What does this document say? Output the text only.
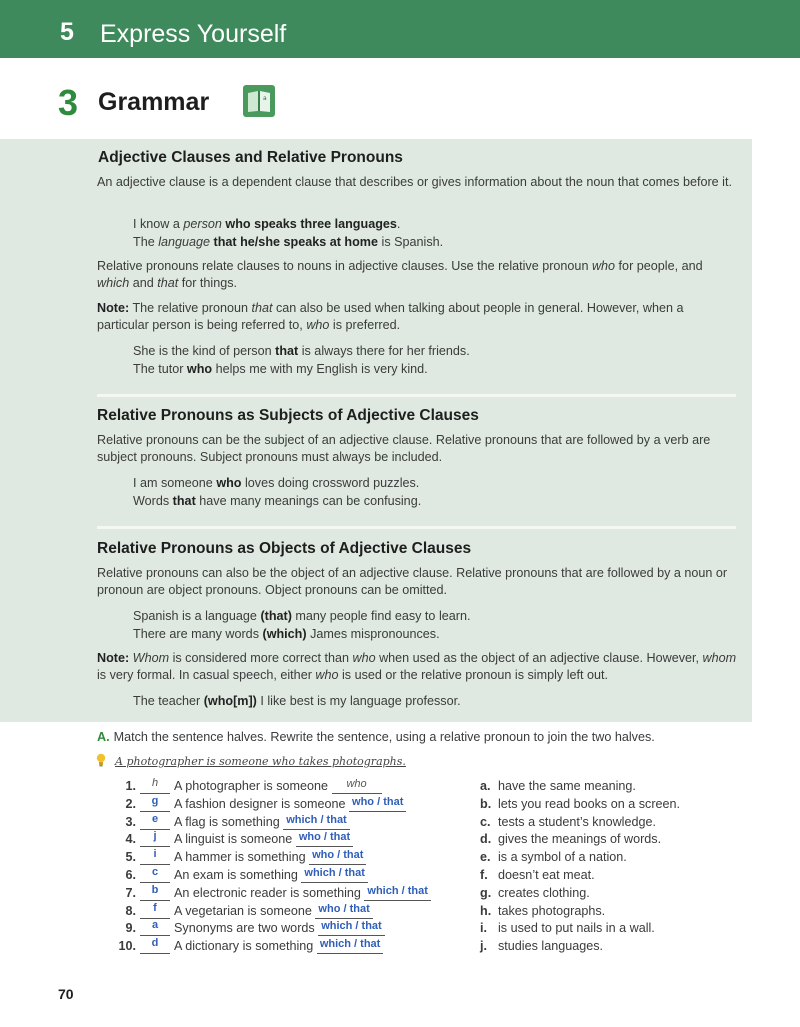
5 Express Yourself
3 Grammar	a
Adjective Clauses and Relative Pronouns
An adjective clause is a dependent clause that describes or gives information about the noun that comes before it.
I know a person who speaks three languages.
The language that he/she speaks at home is Spanish.
Relative pronouns relate clauses to nouns in adjective clauses. Use the relative pronoun who for people, and which and that for things.
Note: The relative pronoun that can also be used when talking about people in general. However, when a particular person is being referred to, who is preferred.
She is the kind of person that is always there for her friends.
The tutor who helps me with my English is very kind.
Relative Pronouns as Subjects of Adjective Clauses
Relative pronouns can be the subject of an adjective clause. Relative pronouns that are followed by a verb are subject pronouns. Subject pronouns must always be included.
I am someone who loves doing crossword puzzles.
Words that have many meanings can be confusing.
Relative Pronouns as Objects of Adjective Clauses
Relative pronouns can also be the object of an adjective clause. Relative pronouns that are followed by a noun or pronoun are object pronouns. Object pronouns can be omitted.
Spanish is a language (that) many people find easy to learn.
There are many words (which) James mispronounces.
Note: Whom is considered more correct than who when used as the object of an adjective clause. However, whom is very formal. In casual speech, either who is used or the relative pronoun is simply left out.
The teacher (who[m]) I like best is my language professor.
A. Match the sentence halves. Rewrite the sentence, using a relative pronoun to join the two halves.
A photographer is someone who takes photographs.
1.	h	A photographer is someone who	a. have the same meaning.
2.	g	A fashion designer is someone who / that	b. lets you read books on a screen.
3.	e	A flag is something which / that	c. tests a student’s knowledge.
4.	j	A linguist is someone who / that	d. gives the meanings of words.
5.	i	A hammer is something who / that	e. is a symbol of a nation.
6.	c	An exam is something which / that	f. doesn’t eat meat.
7.	b	An electronic reader is something which / that	g. creates clothing.
8.	f	A vegetarian is someone who / that	h. takes photographs.
9.	a	Synonyms are two words which / that	i. is used to put nails in a wall.
10.	d	A dictionary is something which / that	j. studies languages.
70
